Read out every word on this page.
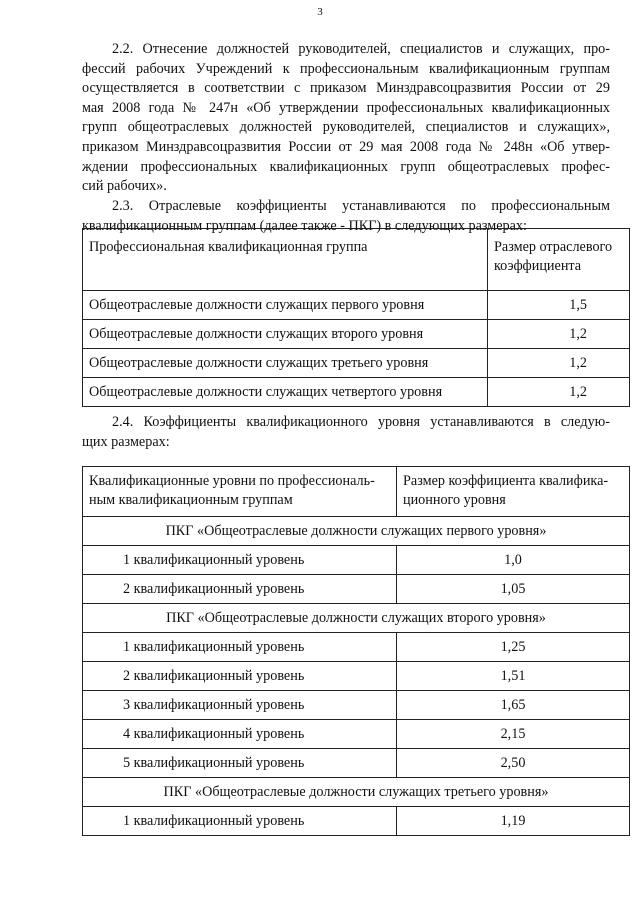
3
2.2. Отнесение должностей руководителей, специалистов и служащих, про-
фессий рабочих Учреждений к профессиональным квалификационным группам
осуществляется в соответствии с приказом Минздравсоцразвития России от 29
мая 2008 года № 247н «Об утверждении профессиональных квалификационных
групп общеотраслевых должностей руководителей, специалистов и служащих»,
приказом Минздравсоцразвития России от 29 мая 2008 года № 248н «Об утвер-
ждении профессиональных квалификационных групп общеотраслевых профес-
сий рабочих».
2.3. Отраслевые коэффициенты устанавливаются по профессиональным
квалификационным группам (далее также - ПКГ) в следующих размерах:
Профессиональная квалификационная группа	Размер отраслевого
коэффициента
Общеотраслевые должности служащих первого уровня	1,5
Общеотраслевые должности служащих второго уровня	1,2
Общеотраслевые должности служащих третьего уровня	1,2
Общеотраслевые должности служащих четвертого уровня	1,2
2.4. Коэффициенты квалификационного уровня устанавливаются в следую-
щих размерах:
Квалификационные уровни по профессиональ-
ным квалификационным группам	Размер коэффициента квалифика-
ционного уровня
ПКГ «Общеотраслевые должности служащих первого уровня»	
1 квалификационный уровень	1,0
2 квалификационный уровень	1,05
ПКГ «Общеотраслевые должности служащих второго уровня»	
1 квалификационный уровень	1,25
2 квалификационный уровень	1,51
3 квалификационный уровень	1,65
4 квалификационный уровень	2,15
5 квалификационный уровень	2,50
ПКГ «Общеотраслевые должности служащих третьего уровня»	
1 квалификационный уровень	1,19
